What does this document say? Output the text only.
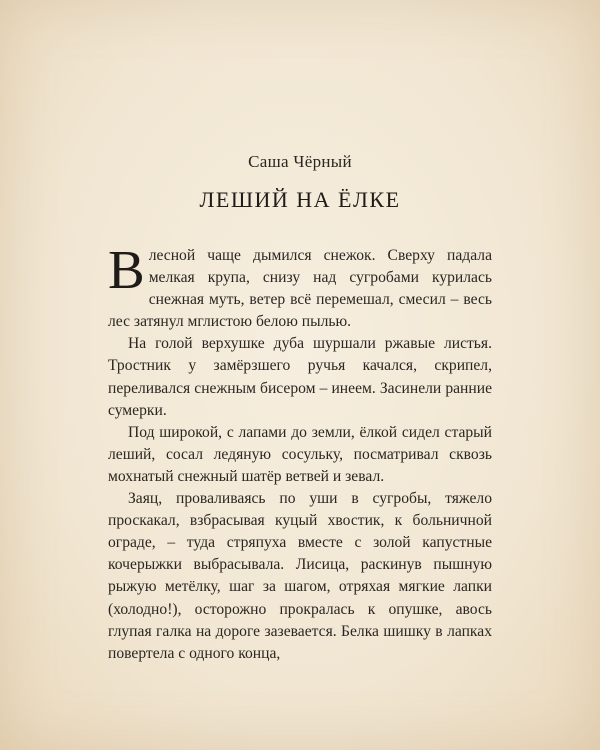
Саша Чёрный
ЛЕШИЙ НА ЁЛКЕ

В лесной чаще дымился снежок. Сверху падала мелкая крупа, снизу над сугробами курилась снежная муть, ветер всё перемешал, смесил – весь лес затянул мглистою белою пылью.

На голой верхушке дуба шуршали ржавые листья. Тростник у замёрзшего ручья качался, скрипел, переливался снежным бисером – инеем. Засинели ранние сумерки.

Под широкой, с лапами до земли, ёлкой сидел старый леший, сосал ледяную сосульку, посматривал сквозь мохнатый снежный шатёр ветвей и зевал.

Заяц, проваливаясь по уши в сугробы, тяжело проскакал, взбрасывая куцый хвостик, к больничной ограде, – туда стряпуха вместе с золой капустные кочерыжки выбрасывала. Лисица, раскинув пышную рыжую метёлку, шаг за шагом, отряхая мягкие лапки (холодно!), осторожно прокралась к опушке, авось глупая галка на дороге зазевается. Белка шишку в лапках повертела с одного конца,
